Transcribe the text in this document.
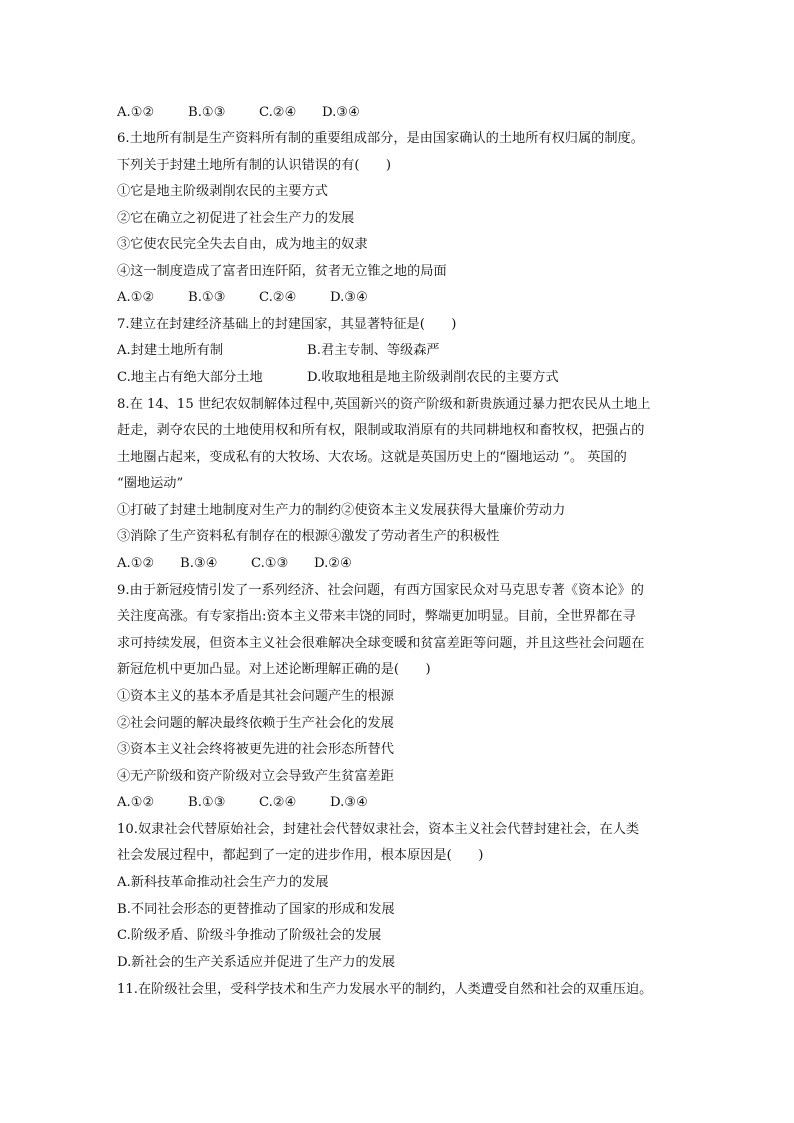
A.①②	B.①③	C.②④ D.③④
6.土地所有制是生产资料所有制的重要组成部分，是由国家确认的土地所有权归属的制度。
下列关于封建土地所有制的认识错误的有(　　)
①它是地主阶级剥削农民的主要方式
②它在确立之初促进了社会生产力的发展
③它使农民完全失去自由，成为地主的奴隶
④这一制度造成了富者田连阡陌，贫者无立锥之地的局面
A.①②	B.①③	C.②④	D.③④
7.建立在封建经济基础上的封建国家，其显著特征是(　　)
A.封建土地所有制	B.君主专制、等级森严
C.地主占有绝大部分土地	D.收取地租是地主阶级剥削农民的主要方式
8.在 14、15 世纪农奴制解体过程中,英国新兴的资产阶级和新贵族通过暴力把农民从土地上
赶走，剥夺农民的土地使用权和所有权，限制或取消原有的共同耕地权和畜牧权，把强占的
土地圈占起来，变成私有的大牧场、大农场。这就是英国历史上的“圈地运动 ”。 英国的
“圈地运动”
①打破了封建土地制度对生产力的制约②使资本主义发展获得大量廉价劳动力
③消除了生产资料私有制存在的根源④激发了劳动者生产的积极性
A.①② B.③④	C.①③ D.②④
9.由于新冠疫情引发了一系列经济、社会问题，有西方国家民众对马克思专著《资本论》的
关注度高涨。有专家指出:资本主义带来丰饶的同时，弊端更加明显。目前，全世界都在寻
求可持续发展，但资本主义社会很难解决全球变暖和贫富差距等问题，并且这些社会问题在
新冠危机中更加凸显。对上述论断理解正确的是(　　)
①资本主义的基本矛盾是其社会问题产生的根源
②社会问题的解决最终依赖于生产社会化的发展
③资本主义社会终将被更先进的社会形态所替代
④无产阶级和资产阶级对立会导致产生贫富差距
A.①②	B.①③	C.②④	D.③④
10.奴隶社会代替原始社会，封建社会代替奴隶社会，资本主义社会代替封建社会，在人类
社会发展过程中，都起到了一定的进步作用，根本原因是(　　)
A.新科技革命推动社会生产力的发展
B.不同社会形态的更替推动了国家的形成和发展
C.阶级矛盾、阶级斗争推动了阶级社会的发展
D.新社会的生产关系适应并促进了生产力的发展
11.在阶级社会里，受科学技术和生产力发展水平的制约，人类遭受自然和社会的双重压迫。
